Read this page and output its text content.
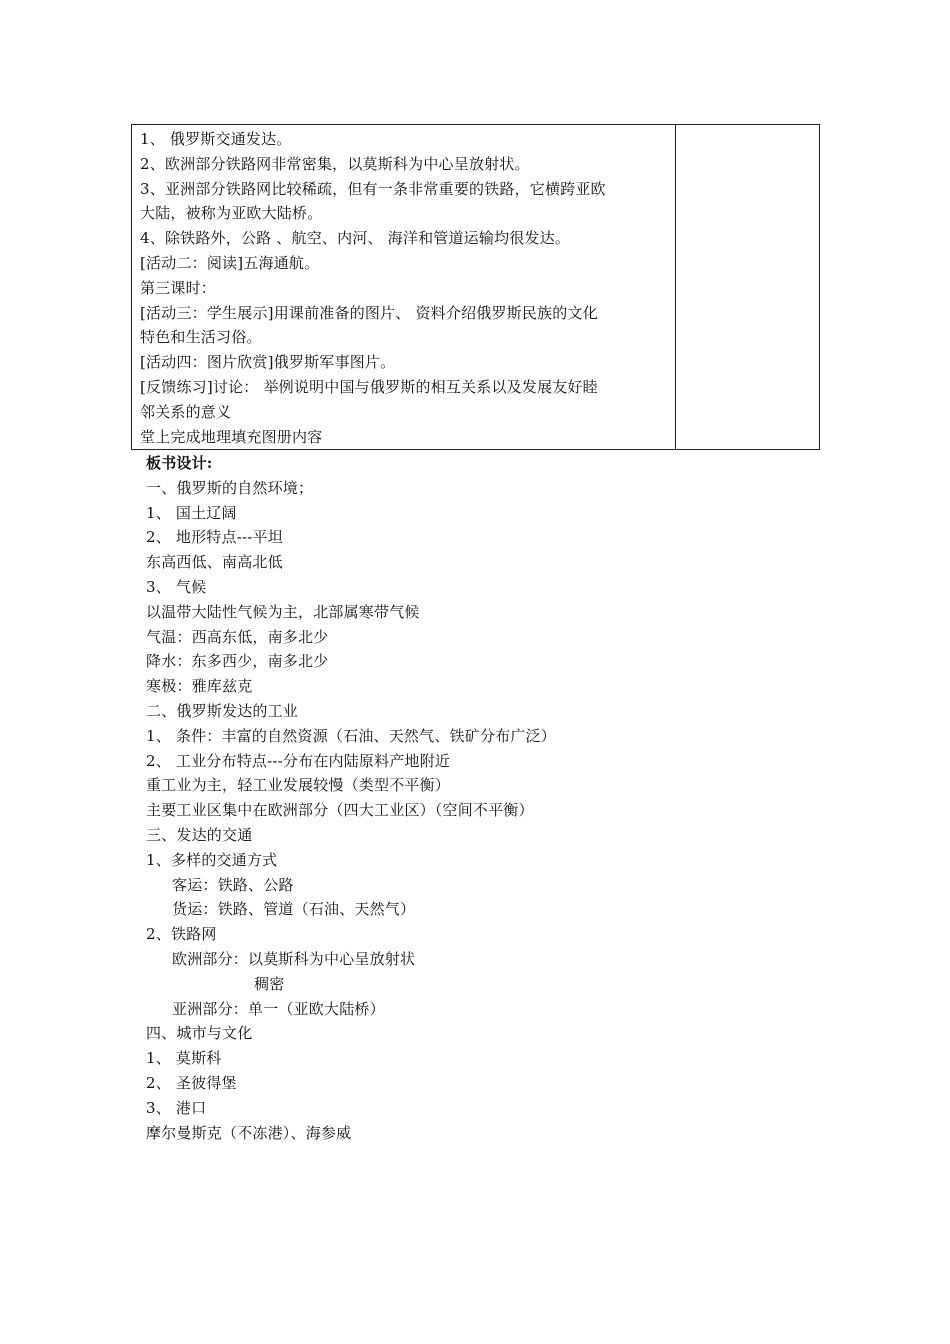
1、 俄罗斯交通发达。
2、欧洲部分铁路网非常密集，以莫斯科为中心呈放射状。
3、亚洲部分铁路网比较稀疏，但有一条非常重要的铁路，它横跨亚欧
大陆，被称为亚欧大陆桥。
4、除铁路外，公路 、航空、内河、 海洋和管道运输均很发达。
[活动二：阅读]五海通航。
第三课时：
[活动三：学生展示]用课前准备的图片、 资料介绍俄罗斯民族的文化
特色和生活习俗。
[活动四：图片欣赏]俄罗斯军事图片。
[反馈练习]讨论： 举例说明中国与俄罗斯的相互关系以及发展友好睦
邻关系的意义
堂上完成地理填充图册内容

板书设计:
一、俄罗斯的自然环境；
1、 国土辽阔
2、 地形特点---平坦
东高西低、南高北低
3、 气候
以温带大陆性气候为主，北部属寒带气候
气温：西高东低，南多北少
降水：东多西少，南多北少
寒极：雅库兹克
二、俄罗斯发达的工业
1、 条件：丰富的自然资源（石油、天然气、铁矿分布广泛）
2、 工业分布特点---分布在内陆原料产地附近
重工业为主，轻工业发展较慢（类型不平衡）
主要工业区集中在欧洲部分（四大工业区）（空间不平衡）
三、发达的交通
1、多样的交通方式
客运：铁路、公路
货运：铁路、管道（石油、天然气）
2、铁路网
欧洲部分：以莫斯科为中心呈放射状
稠密
亚洲部分：单一（亚欧大陆桥）
四、城市与文化
1、 莫斯科
2、 圣彼得堡
3、 港口
摩尔曼斯克（不冻港）、海参威
